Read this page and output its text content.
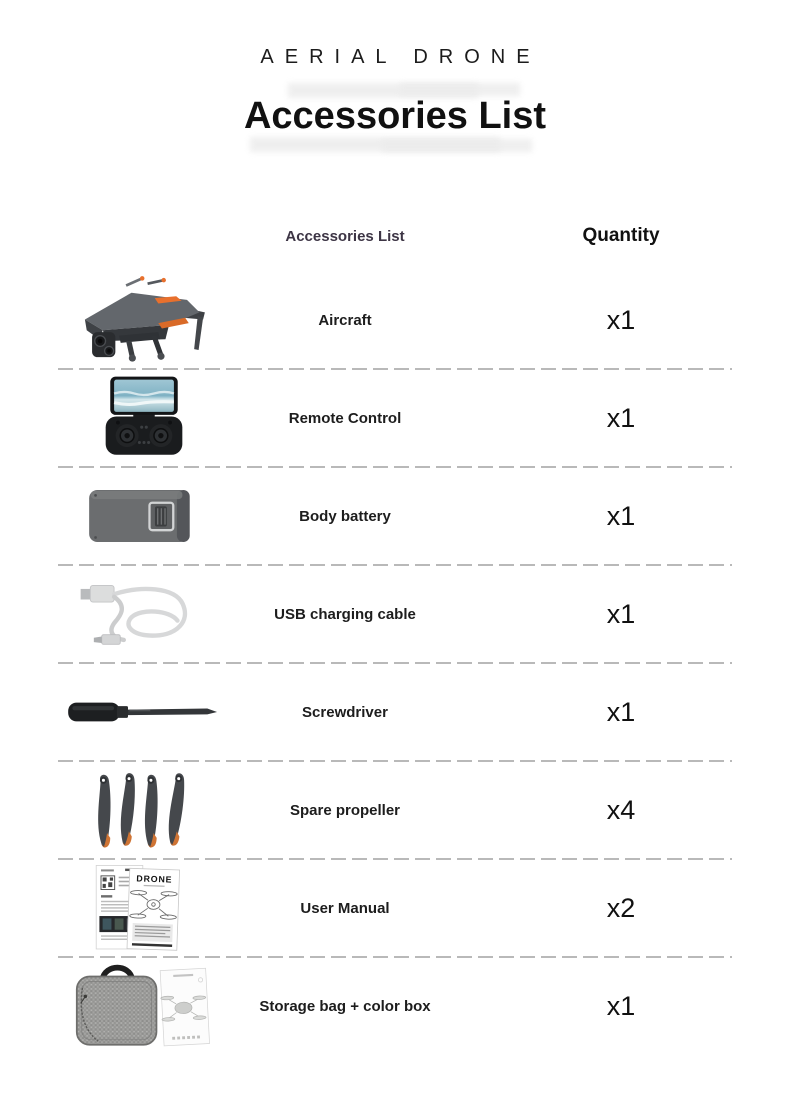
AERIAL DRONE
Accessories List
Accessories List	Quantity
Aircraft	x1
Remote Control	x1
Body battery	x1
USB charging cable	x1
Screwdriver	x1
Spare propeller	x4
DRONE
User Manual	x2
Storage bag + color box	x1
